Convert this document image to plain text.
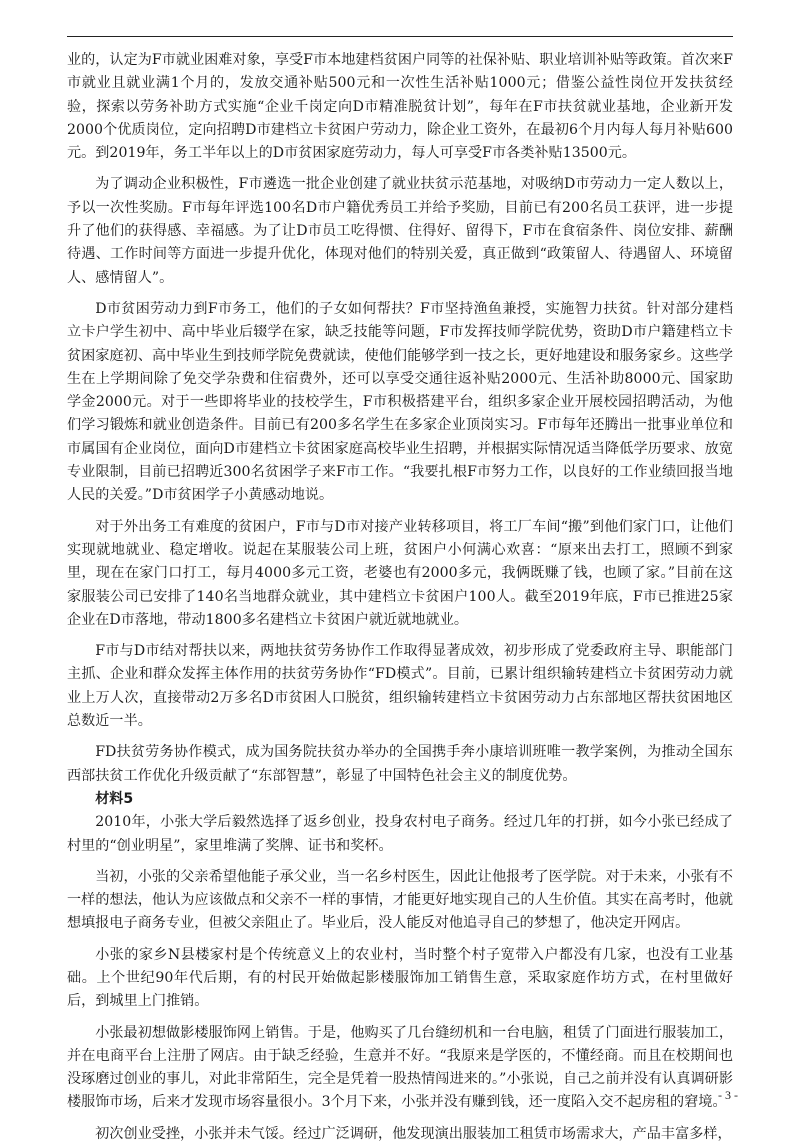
业的，认定为F市就业困难对象，享受F市本地建档贫困户同等的社保补贴、职业培训补贴等政策。首次来F市就业且就业满1个月的，发放交通补贴500元和一次性生活补贴1000元；借鉴公益性岗位开发扶贫经验，探索以劳务补助方式实施“企业千岗定向D市精准脱贫计划”，每年在F市扶贫就业基地，企业新开发2000个优质岗位，定向招聘D市建档立卡贫困户劳动力，除企业工资外，在最初6个月内每人每月补贴600元。到2019年，务工半年以上的D市贫困家庭劳动力，每人可享受F市各类补贴13500元。

为了调动企业积极性，F市遴选一批企业创建了就业扶贫示范基地，对吸纳D市劳动力一定人数以上，予以一次性奖励。F市每年评选100名D市户籍优秀员工并给予奖励，目前已有200名员工获评，进一步提升了他们的获得感、幸福感。为了让D市员工吃得惯、住得好、留得下，F市在食宿条件、岗位安排、薪酬待遇、工作时间等方面进一步提升优化，体现对他们的特别关爱，真正做到“政策留人、待遇留人、环境留人、感情留人”。

D市贫困劳动力到F市务工，他们的子女如何帮扶？F市坚持渔鱼兼授，实施智力扶贫。针对部分建档立卡户学生初中、高中毕业后辍学在家，缺乏技能等问题，F市发挥技师学院优势，资助D市户籍建档立卡贫困家庭初、高中毕业生到技师学院免费就读，使他们能够学到一技之长，更好地建设和服务家乡。这些学生在上学期间除了免交学杂费和住宿费外，还可以享受交通往返补贴2000元、生活补助8000元、国家助学金2000元。对于一些即将毕业的技校学生，F市积极搭建平台，组织多家企业开展校园招聘活动，为他们学习锻炼和就业创造条件。目前已有200多名学生在多家企业顶岗实习。F市每年还腾出一批事业单位和市属国有企业岗位，面向D市建档立卡贫困家庭高校毕业生招聘，并根据实际情况适当降低学历要求、放宽专业限制，目前已招聘近300名贫困学子来F市工作。“我要扎根F市努力工作，以良好的工作业绩回报当地人民的关爱。”D市贫困学子小黄感动地说。

对于外出务工有难度的贫困户，F市与D市对接产业转移项目，将工厂车间“搬”到他们家门口，让他们实现就地就业、稳定增收。说起在某服装公司上班，贫困户小何满心欢喜：“原来出去打工，照顾不到家里，现在在家门口打工，每月4000多元工资，老婆也有2000多元，我俩既赚了钱，也顾了家。”目前在这家服装公司已安排了140名当地群众就业，其中建档立卡贫困户100人。截至2019年底，F市已推进25家企业在D市落地，带动1800多名建档立卡贫困户就近就地就业。

F市与D市结对帮扶以来，两地扶贫劳务协作工作取得显著成效，初步形成了党委政府主导、职能部门主抓、企业和群众发挥主体作用的扶贫劳务协作“FD模式”。目前，已累计组织输转建档立卡贫困劳动力就业上万人次，直接带动2万多名D市贫困人口脱贫，组织输转建档立卡贫困劳动力占东部地区帮扶贫困地区总数近一半。

FD扶贫劳务协作模式，成为国务院扶贫办举办的全国携手奔小康培训班唯一教学案例，为推动全国东西部扶贫工作优化升级贡献了“东部智慧”，彰显了中国特色社会主义的制度优势。

材料5

2010年，小张大学后毅然选择了返乡创业，投身农村电子商务。经过几年的打拼，如今小张已经成了村里的“创业明星”，家里堆满了奖牌、证书和奖杯。

当初，小张的父亲希望他能子承父业，当一名乡村医生，因此让他报考了医学院。对于未来，小张有不一样的想法，他认为应该做点和父亲不一样的事情，才能更好地实现自己的人生价值。其实在高考时，他就想填报电子商务专业，但被父亲阻止了。毕业后，没人能反对他追寻自己的梦想了，他决定开网店。

小张的家乡N县楼家村是个传统意义上的农业村，当时整个村子宽带入户都没有几家，也没有工业基础。上个世纪90年代后期，有的村民开始做起影楼服饰加工销售生意，采取家庭作坊方式，在村里做好后，到城里上门推销。

小张最初想做影楼服饰网上销售。于是，他购买了几台缝纫机和一台电脑，租赁了门面进行服装加工，并在电商平台上注册了网店。由于缺乏经验，生意并不好。“我原来是学医的，不懂经商。而且在校期间也没琢磨过创业的事儿，对此非常陌生，完全是凭着一股热情闯进来的。”小张说，自己之前并没有认真调研影楼服饰市场，后来才发现市场容量很小。3个月下来，小张并没有赚到钱，还一度陷入交不起房租的窘境。

初次创业受挫，小张并未气馁。经过广泛调研，他发现演出服装加工租赁市场需求大，产品丰富多样，

- 3 -
